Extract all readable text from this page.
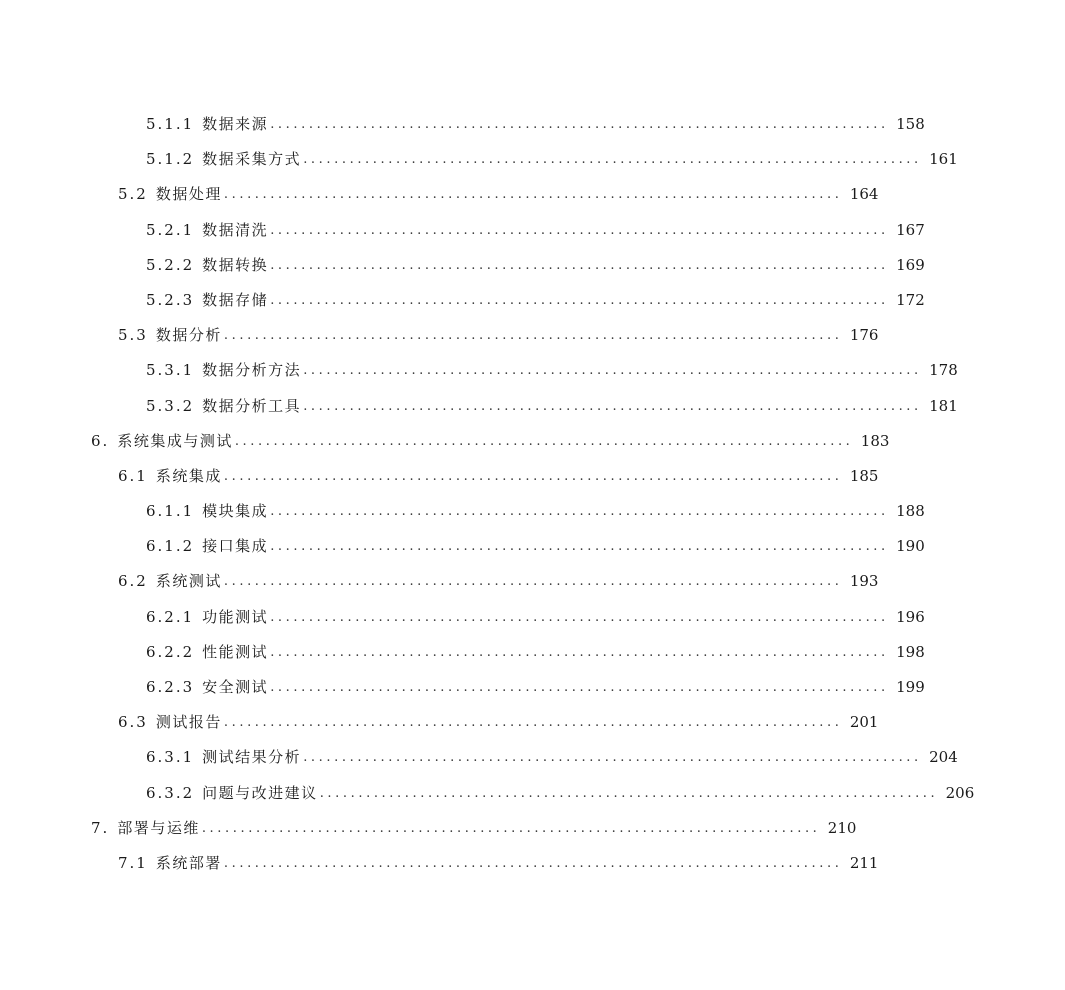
5.1.1 数据来源 ................................................................................ 158
5.1.2 数据采集方式 ................................................................................ 161
5.2 数据处理 ................................................................................ 164
5.2.1 数据清洗 ................................................................................ 167
5.2.2 数据转换 ................................................................................ 169
5.2.3 数据存储 ................................................................................ 172
5.3 数据分析 ................................................................................ 176
5.3.1 数据分析方法 ................................................................................ 178
5.3.2 数据分析工具 ................................................................................ 181
6. 系统集成与测试 ................................................................................ 183
6.1 系统集成 ................................................................................ 185
6.1.1 模块集成 ................................................................................ 188
6.1.2 接口集成 ................................................................................ 190
6.2 系统测试 ................................................................................ 193
6.2.1 功能测试 ................................................................................ 196
6.2.2 性能测试 ................................................................................ 198
6.2.3 安全测试 ................................................................................ 199
6.3 测试报告 ................................................................................ 201
6.3.1 测试结果分析 ................................................................................ 204
6.3.2 问题与改进建议 ................................................................................ 206
7. 部署与运维 ................................................................................ 210
7.1 系统部署 ................................................................................ 211
